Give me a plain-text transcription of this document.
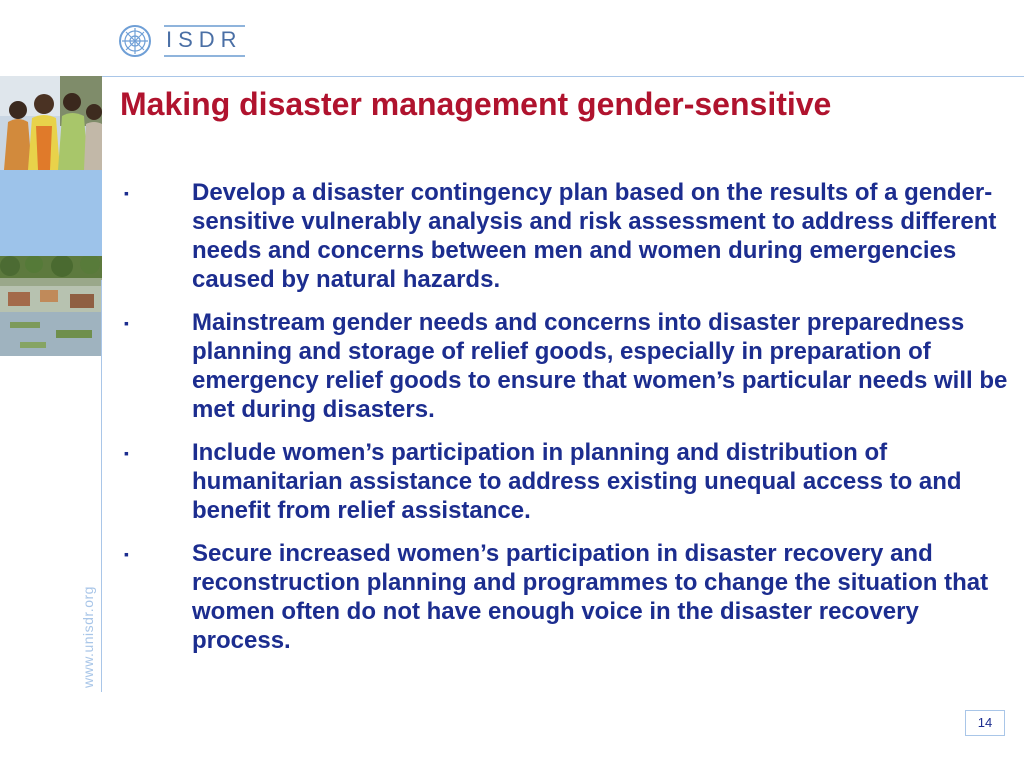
ISDR
www.unisdr.org
Making disaster management gender-sensitive
▪	Develop a disaster contingency plan based on the results of a gender-sensitive vulnerably analysis and risk assessment to address different needs and concerns between men and women during emergencies caused by natural hazards.
▪	Mainstream gender needs and concerns into disaster preparedness planning and storage of relief goods, especially in preparation of emergency relief goods to ensure that women’s particular needs will be met during disasters.
▪	Include women’s participation in planning and distribution of humanitarian assistance to address existing unequal access to and benefit from relief assistance.
▪	Secure increased women’s participation in disaster recovery and reconstruction planning and programmes to change the situation that women often do not have enough voice in the disaster recovery process.
14
